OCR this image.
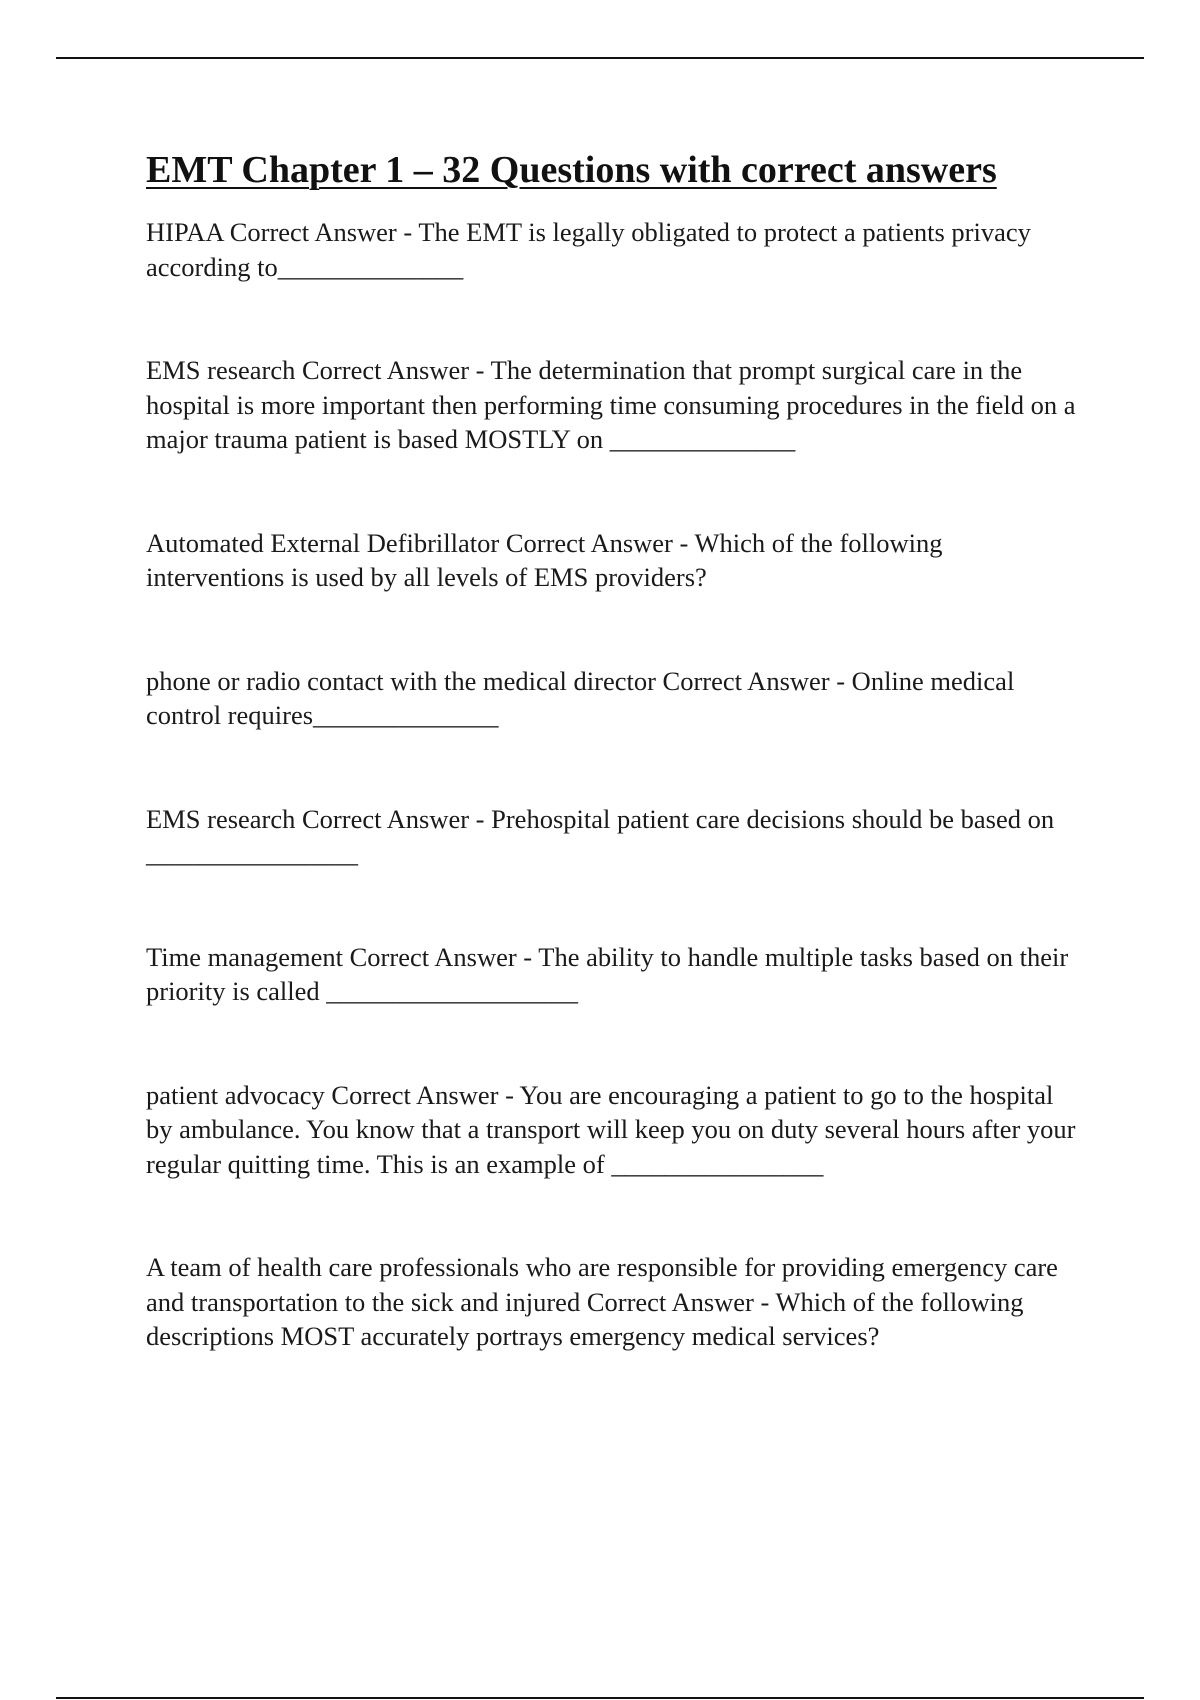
EMT Chapter 1 – 32 Questions with correct answers
HIPAA Correct Answer - The EMT is legally obligated to protect a patients privacy according to______________
EMS research Correct Answer - The determination that prompt surgical care in the hospital is more important then performing time consuming procedures in the field on a major trauma patient is based MOSTLY on ______________
Automated External Defibrillator Correct Answer - Which of the following interventions is used by all levels of EMS providers?
phone or radio contact with the medical director Correct Answer - Online medical control requires______________
EMS research Correct Answer - Prehospital patient care decisions should be based on ________________
Time management Correct Answer - The ability to handle multiple tasks based on their priority is called ___________________
patient advocacy Correct Answer - You are encouraging a patient to go to the hospital by ambulance. You know that a transport will keep you on duty several hours after your regular quitting time. This is an example of ________________
A team of health care professionals who are responsible for providing emergency care and transportation to the sick and injured Correct Answer - Which of the following descriptions MOST accurately portrays emergency medical services?
